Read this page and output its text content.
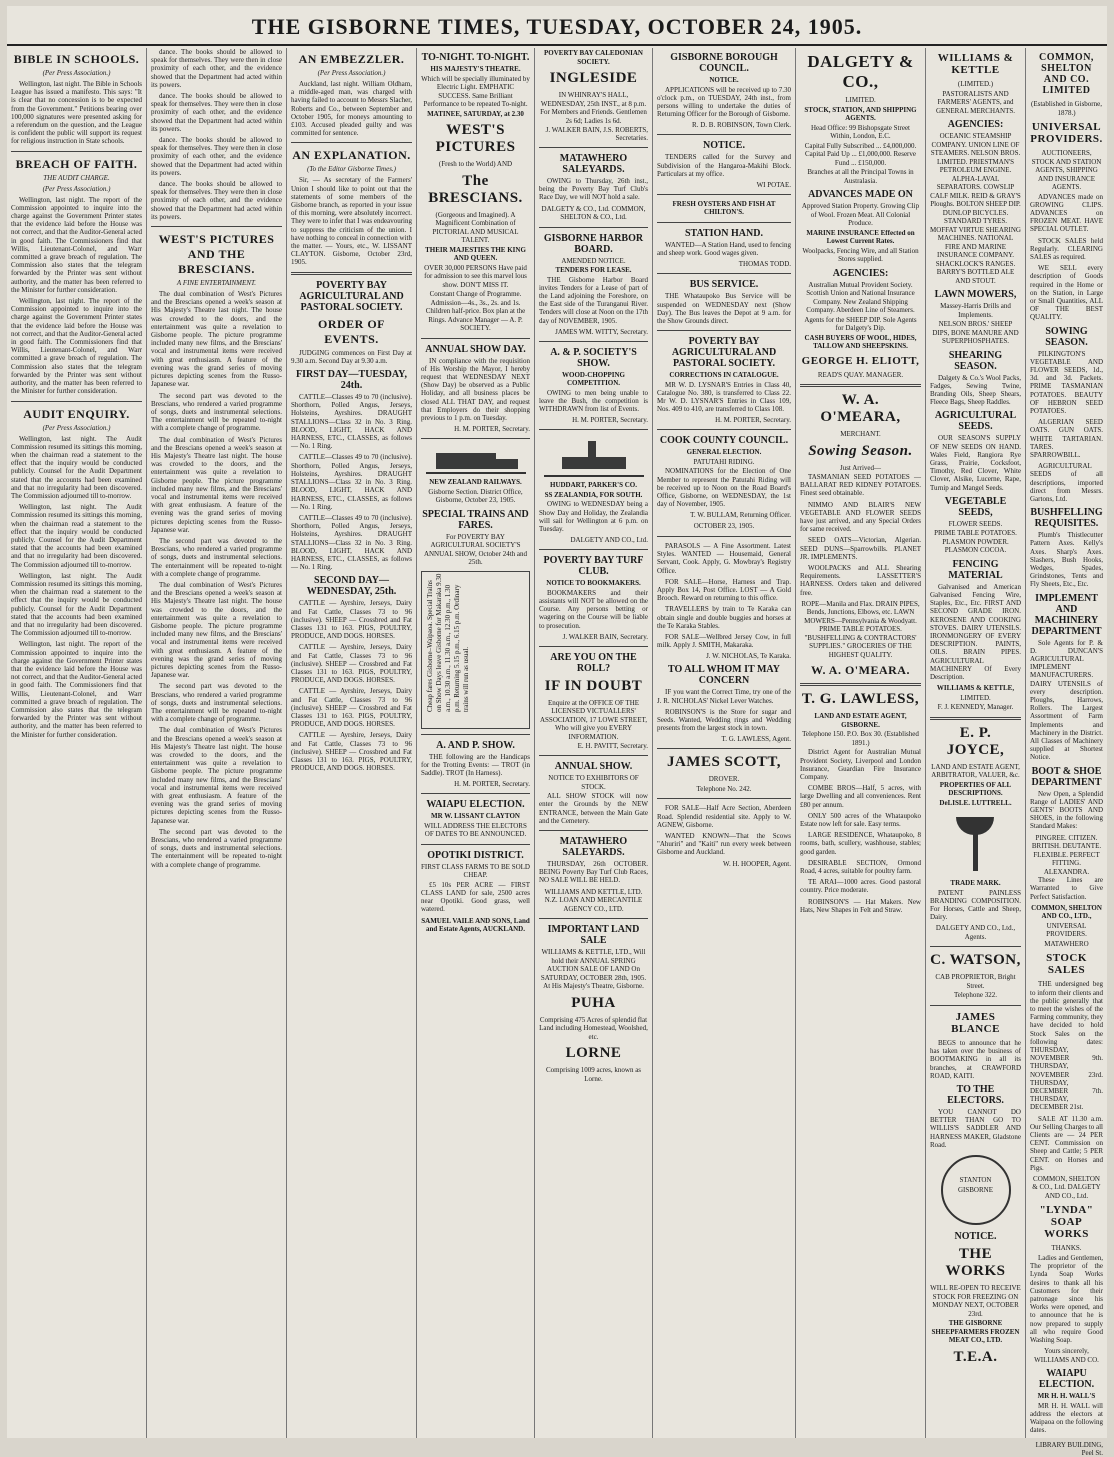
THE GISBORNE TIMES, TUESDAY, OCTOBER 24, 1905.
BIBLE IN SCHOOLS.
(Per Press Association.)

Wellington, last night. The Bible in Schools League has issued a manifesto. This says: "It is clear that no concession is to be expected from the Government." Petitions bearing over 100,000 signatures were presented asking for a referendum on the question, and the League is confident the public will support its request for religious instruction in State schools.

BREACH OF FAITH.
THE AUDIT CHARGE.
(Per Press Association.)

Wellington, last night. The report of the Commission appointed to inquire into the charge against the Government Printer states that the evidence laid before the House was not correct, and that the Auditor-General acted in good faith. The Commissioners find that Willis, Lieutenant-Colonel, and Warr committed a grave breach of regulation. The Commission also states that the telegram forwarded by the Printer was sent without authority, and the matter has been referred to the Minister for further consideration.

Wellington, last night. The report of the Commission appointed to inquire into the charge against the Government Printer states that the evidence laid before the House was not correct, and that the Auditor-General acted in good faith. The Commissioners find that Willis, Lieutenant-Colonel, and Warr committed a grave breach of regulation. The Commission also states that the telegram forwarded by the Printer was sent without authority, and the matter has been referred to the Minister for further consideration.

AUDIT ENQUIRY.
(Per Press Association.)

Wellington, last night. The Audit Commission resumed its sittings this morning, when the chairman read a statement to the effect that the inquiry would be conducted publicly. Counsel for the Audit Department stated that the accounts had been examined and that no irregularity had been discovered. The Commission adjourned till to-morrow.

Wellington, last night. The Audit Commission resumed its sittings this morning, when the chairman read a statement to the effect that the inquiry would be conducted publicly. Counsel for the Audit Department stated that the accounts had been examined and that no irregularity had been discovered. The Commission adjourned till to-morrow.

Wellington, last night. The Audit Commission resumed its sittings this morning, when the chairman read a statement to the effect that the inquiry would be conducted publicly. Counsel for the Audit Department stated that the accounts had been examined and that no irregularity had been discovered. The Commission adjourned till to-morrow.

Wellington, last night. The report of the Commission appointed to inquire into the charge against the Government Printer states that the evidence laid before the House was not correct, and that the Auditor-General acted in good faith. The Commissioners find that Willis, Lieutenant-Colonel, and Warr committed a grave breach of regulation. The Commission also states that the telegram forwarded by the Printer was sent without authority, and the matter has been referred to the Minister for further consideration.

dance. The books should be allowed to speak for themselves. They were then in close proximity of each other, and the evidence showed that the Department had acted within its powers.

dance. The books should be allowed to speak for themselves. They were then in close proximity of each other, and the evidence showed that the Department had acted within its powers.

dance. The books should be allowed to speak for themselves. They were then in close proximity of each other, and the evidence showed that the Department had acted within its powers.

dance. The books should be allowed to speak for themselves. They were then in close proximity of each other, and the evidence showed that the Department had acted within its powers.

WEST'S PICTURES AND THE BRESCIANS.
A FINE ENTERTAINMENT.

The dual combination of West's Pictures and the Brescians opened a week's season at His Majesty's Theatre last night. The house was crowded to the doors, and the entertainment was quite a revelation to Gisborne people. The picture programme included many new films, and the Brescians' vocal and instrumental items were received with great enthusiasm. A feature of the evening was the grand series of moving pictures depicting scenes from the Russo-Japanese war.

The second part was devoted to the Brescians, who rendered a varied programme of songs, duets and instrumental selections. The entertainment will be repeated to-night with a complete change of programme.

The dual combination of West's Pictures and the Brescians opened a week's season at His Majesty's Theatre last night. The house was crowded to the doors, and the entertainment was quite a revelation to Gisborne people. The picture programme included many new films, and the Brescians' vocal and instrumental items were received with great enthusiasm. A feature of the evening was the grand series of moving pictures depicting scenes from the Russo-Japanese war.

The second part was devoted to the Brescians, who rendered a varied programme of songs, duets and instrumental selections. The entertainment will be repeated to-night with a complete change of programme.

The dual combination of West's Pictures and the Brescians opened a week's season at His Majesty's Theatre last night. The house was crowded to the doors, and the entertainment was quite a revelation to Gisborne people. The picture programme included many new films, and the Brescians' vocal and instrumental items were received with great enthusiasm. A feature of the evening was the grand series of moving pictures depicting scenes from the Russo-Japanese war.

The second part was devoted to the Brescians, who rendered a varied programme of songs, duets and instrumental selections. The entertainment will be repeated to-night with a complete change of programme.

The dual combination of West's Pictures and the Brescians opened a week's season at His Majesty's Theatre last night. The house was crowded to the doors, and the entertainment was quite a revelation to Gisborne people. The picture programme included many new films, and the Brescians' vocal and instrumental items were received with great enthusiasm. A feature of the evening was the grand series of moving pictures depicting scenes from the Russo-Japanese war.

The second part was devoted to the Brescians, who rendered a varied programme of songs, duets and instrumental selections. The entertainment will be repeated to-night with a complete change of programme.

AN EMBEZZLER.
(Per Press Association.)

Auckland, last night. William Oldham, a middle-aged man, was charged with having failed to account to Messrs Slacher, Roberts and Co., between September and October 1905, for moneys amounting to £103. Accused pleaded guilty and was committed for sentence.

AN EXPLANATION.
(To the Editor Gisborne Times.)

Sir, — As secretary of the Farmers' Union I should like to point out that the statements of some members of the Gisborne branch, as reported in your issue of this morning, were absolutely incorrect. They were to infer that I was endeavouring to suppress the criticism of the union. I have nothing to conceal in connection with the matter. — Yours, etc., W. LISSANT CLAYTON. Gisborne, October 23rd, 1905.

POVERTY BAY AGRICULTURAL AND PASTORAL SOCIETY.
ORDER OF EVENTS.

JUDGING commences on First Day at 9.30 a.m. Second Day at 9.30 a.m.

FIRST DAY—TUESDAY, 24th.

CATTLE—Classes 49 to 70 (inclusive). Shorthorn, Polled Angus, Jerseys, Holsteins, Ayrshires. DRAUGHT STALLIONS—Class 32 in No. 3 Ring. BLOOD, LIGHT, HACK AND HARNESS, ETC., CLASSES, as follows — No. 1 Ring.

CATTLE—Classes 49 to 70 (inclusive). Shorthorn, Polled Angus, Jerseys, Holsteins, Ayrshires. DRAUGHT STALLIONS—Class 32 in No. 3 Ring. BLOOD, LIGHT, HACK AND HARNESS, ETC., CLASSES, as follows — No. 1 Ring.

CATTLE—Classes 49 to 70 (inclusive). Shorthorn, Polled Angus, Jerseys, Holsteins, Ayrshires. DRAUGHT STALLIONS—Class 32 in No. 3 Ring. BLOOD, LIGHT, HACK AND HARNESS, ETC., CLASSES, as follows — No. 1 Ring.

SECOND DAY—WEDNESDAY, 25th.

CATTLE — Ayrshire, Jerseys, Dairy and Fat Cattle, Classes 73 to 96 (inclusive). SHEEP — Crossbred and Fat Classes 131 to 163. PIGS, POULTRY, PRODUCE, AND DOGS. HORSES.

CATTLE — Ayrshire, Jerseys, Dairy and Fat Cattle, Classes 73 to 96 (inclusive). SHEEP — Crossbred and Fat Classes 131 to 163. PIGS, POULTRY, PRODUCE, AND DOGS. HORSES.

CATTLE — Ayrshire, Jerseys, Dairy and Fat Cattle, Classes 73 to 96 (inclusive). SHEEP — Crossbred and Fat Classes 131 to 163. PIGS, POULTRY, PRODUCE, AND DOGS. HORSES.

CATTLE — Ayrshire, Jerseys, Dairy and Fat Cattle, Classes 73 to 96 (inclusive). SHEEP — Crossbred and Fat Classes 131 to 163. PIGS, POULTRY, PRODUCE, AND DOGS. HORSES.

TO-NIGHT. TO-NIGHT.
HIS MAJESTY'S THEATRE.
Which will be specially illuminated by Electric Light. EMPHATIC SUCCESS. Same Brilliant Performance to be repeated To-night.
MATINEE, SATURDAY, at 2.30
WEST'S PICTURES
(Fresh to the World) AND
The BRESCIANS.
(Gorgeous and Imagined). A Magnificent Combination of PICTORIAL AND MUSICAL TALENT.
THEIR MAJESTIES THE KING AND QUEEN.
OVER 30,000 PERSONS Have paid for admission to see this marvel lous show. DON'T MISS IT.
Constant Change of Programme. Admission—4s., 3s., 2s. and 1s. Children half-price. Box plan at the Rings. Advance Manager — A. P. SOCIETY.
ANNUAL SHOW DAY.

IN compliance with the requisition of His Worship the Mayor, I hereby request that WEDNESDAY NEXT (Show Day) be observed as a Public Holiday, and all business places be closed ALL THAT DAY, and request that Employers do their shopping previous to 1 p.m. on Tuesday.

H. M. PORTER, Secretary.
NEW ZEALAND RAILWAYS.
Gisborne Section. District Office, Gisborne, October 23, 1905.
SPECIAL TRAINS AND FARES.
For POVERTY BAY AGRICULTURAL SOCIETY'S ANNUAL SHOW, October 24th and 25th.
Cheap fares Gisborne–Waipaoa. Special Trains on Show Days leave Gisborne for Makaraka 9.30 a.m., 10.30 a.m., 11.30 a.m., 12.30 p.m., 1.30 p.m. Returning 5.15 p.m., 6.15 p.m. Ordinary trains will run as usual.
A. AND P. SHOW.

THE following are the Handicaps for the Trotting Events: — TROT (in Saddle). TROT (In Harness).

H. M. PORTER, Secretary.
WAIAPU ELECTION.
MR W. LISSANT CLAYTON
WILL ADDRESS THE ELECTORS OF DATES TO BE ANNOUNCED.
OPOTIKI DISTRICT.
FIRST CLASS FARMS TO BE SOLD CHEAP.

£5 10s PER ACRE — FIRST CLASS LAND for sale, 2500 acres near Opotiki. Good grass, well watered.

SAMUEL VAILE AND SONS, Land and Estate Agents, AUCKLAND.
POVERTY BAY CALEDONIAN SOCIETY.
INGLESIDE
IN WHINRAY'S HALL, WEDNESDAY, 25th INST., at 8 p.m. For Members and Friends. Gentlemen 2s 6d; Ladies 1s 6d.
J. WALKER BAIN, J.S. ROBERTS, Secretaries.
MATAWHERO SALEYARDS.

OWING to Thursday, 26th inst., being the Poverty Bay Turf Club's Race Day, we will NOT hold a sale.

DALGETY & CO., Ltd. COMMON, SHELTON & CO., Ltd.
GISBORNE HARBOR BOARD.
AMENDED NOTICE.
TENDERS FOR LEASE.

THE Gisborne Harbor Board invites Tenders for a Lease of part of the Land adjoining the Foreshore, on the East side of the Turanganui River. Tenders will close at Noon on the 17th day of NOVEMBER, 1905.

JAMES WM. WITTY, Secretary.
A. & P. SOCIETY'S SHOW.
WOOD-CHOPPING COMPETITION.

OWING to men being unable to leave the Bush, the competition is WITHDRAWN from list of Events.

H. M. PORTER, Secretary.
HUDDART, PARKER'S CO.
SS ZEALANDIA, FOR SOUTH.

OWING to WEDNESDAY being a Show Day and Holiday, the Zealandia will sail for Wellington at 6 p.m. on Tuesday.

DALGETY AND CO., Ltd.
POVERTY BAY TURF CLUB.
NOTICE TO BOOKMAKERS.

BOOKMAKERS and their assistants will NOT be allowed on the Course. Any persons betting or wagering on the Course will be liable to prosecution.

J. WALKER BAIN, Secretary.
ARE YOU ON THE ROLL?
IF IN DOUBT
Enquire at the OFFICE OF THE LICENSED VICTUALLERS' ASSOCIATION, 17 LOWE STREET, Who will give you EVERY INFORMATION.
E. H. PAVITT, Secretary.
ANNUAL SHOW.
NOTICE TO EXHIBITORS OF STOCK.

ALL SHOW STOCK will now enter the Grounds by the NEW ENTRANCE, between the Main Gate and the Cemetery.

MATAWHERO SALEYARDS.

THURSDAY, 26th OCTOBER. BEING Poverty Bay Turf Club Races, NO SALE WILL BE HELD.

WILLIAMS AND KETTLE, LTD. N.Z. LOAN AND MERCANTILE AGENCY CO., LTD.
IMPORTANT LAND SALE
WILLIAMS & KETTLE, LTD., Will hold their ANNUAL SPRING AUCTION SALE OF LAND On SATURDAY, OCTOBER 28th, 1905. At His Majesty's Theatre, Gisborne.
PUHA
Comprising 475 Acres of splendid flat Land including Homestead, Woolshed, etc.
LORNE
Comprising 1009 acres, known as Lorne.
GISBORNE BOROUGH COUNCIL.
NOTICE.

APPLICATIONS will be received up to 7.30 o'clock p.m., on TUESDAY, 24th inst., from persons willing to undertake the duties of Returning Officer for the Borough of Gisborne.

R. D. B. ROBINSON, Town Clerk.
NOTICE.

TENDERS called for the Survey and Subdivision of the Hangaroa-Makihi Block. Particulars at my office.

WI POTAE.
FRESH OYSTERS AND FISH AT CHILTON'S.
STATION HAND.

WANTED—A Station Hand, used to fencing and sheep work. Good wages given.

THOMAS TODD.
BUS SERVICE.

THE Whataupoko Bus Service will be suspended on WEDNESDAY next (Show Day). The Bus leaves the Depot at 9 a.m. for the Show Grounds direct.

POVERTY BAY AGRICULTURAL AND PASTORAL SOCIETY.
CORRECTIONS IN CATALOGUE.

MR W. D. LYSNAR'S Entries in Class 40, Catalogue No. 380, is transferred to Class 22. Mr W. D. LYSNAR'S Entries in Class 109, Nos. 409 to 410, are transferred to Class 108.

H. M. PORTER, Secretary.
COOK COUNTY COUNCIL.
GENERAL ELECTION.
PATUTAHI RIDING.

NOMINATIONS for the Election of One Member to represent the Patutahi Riding will be received up to Noon on the Road Board's Office, Gisborne, on WEDNESDAY, the 1st day of November, 1905.

T. W. BULLAM, Returning Officer.
OCTOBER 23, 1905.

PARASOLS — A Fine Assortment. Latest Styles. WANTED — Housemaid, General Servant, Cook. Apply, G. Mowbray's Registry Office.

FOR SALE—Horse, Harness and Trap. Apply Box 14, Post Office. LOST — A Gold Brooch. Reward on returning to this office.

TRAVELLERS by train to Te Karaka can obtain single and double buggies and horses at the Te Karaka Stables.

FOR SALE—Wellbred Jersey Cow, in full milk. Apply J. SMITH, Makaraka.

J. W. NICHOLAS, Te Karaka.
TO ALL WHOM IT MAY CONCERN

IF you want the Correct Time, try one of the J. R. NICHOLAS' Nickel Lever Watches.

ROBINSON'S is the Store for sugar and Seeds. Wanted, Wedding rings and Wedding presents from the largest stock in town.

T. G. LAWLESS, Agent.
JAMES SCOTT,
DROVER.
Telephone No. 242.

FOR SALE—Half Acre Section, Aberdeen Road. Splendid residential site. Apply to W. AGNEW, Gisborne.

WANTED KNOWN—That the Scows "Ahuriri" and "Kaiti" run every week between Gisborne and Auckland.

W. H. HOOPER, Agent.
DALGETY & CO.,
LIMITED.
STOCK, STATION, AND SHIPPING AGENTS.
Head Office: 99 Bishopsgate Street Within, London, E.C.
Capital Fully Subscribed ... £4,000,000. Capital Paid Up ... £1,000,000. Reserve Fund ... £150,000.
Branches at all the Principal Towns in Australasia.
ADVANCES MADE ON
Approved Station Property. Growing Clip of Wool. Frozen Meat. All Colonial Produce.
MARINE INSURANCE Effected on Lowest Current Rates.
Woolpacks, Fencing Wire, and all Station Stores supplied.
AGENCIES:
Australian Mutual Provident Society. Scottish Union and National Insurance Company. New Zealand Shipping Company. Aberdeen Line of Steamers.
Agents for the SHEEP DIP. Sole Agents for Dalgety's Dip.
CASH BUYERS OF WOOL, HIDES, TALLOW AND SHEEPSKINS.
GEORGE H. ELIOTT,
READ'S QUAY. MANAGER.
W. A. O'MEARA,
MERCHANT.
Sowing Season.
Just Arrived—

TASMANIAN SEED POTATOES — BALLARAT RED KIDNEY POTATOES. Finest seed obtainable.

NIMMO AND BLAIR'S NEW VEGETABLE AND FLOWER SEEDS have just arrived, and any Special Orders for same received.

SEED OATS—Victorian, Algerian. SEED DUNS—Sparrowbills. PLANET JR. IMPLEMENTS.

WOOLPACKS and ALL Shearing Requirements. LASSETTER'S HARNESS. Orders taken and delivered free.

ROPE—Manila and Flax. DRAIN PIPES, Bends, Junctions, Elbows, etc. LAWN MOWERS—Pennsylvania & Woodyatt. PRIME TABLE POTATOES. "BUSHFELLING & CONTRACTORS' SUPPLIES." GROCERIES OF THE HIGHEST QUALITY.
W. A. O'MEARA.
T. G. LAWLESS,
LAND AND ESTATE AGENT, GISBORNE.
Telephone 150. P.O. Box 30. (Established 1891.)

District Agent for Australian Mutual Provident Society, Liverpool and London Insurance, Guardian Fire Insurance Company.

COMBE BROS—Half, 5 acres, with large Dwelling and all conveniences. Rent £80 per annum.

ONLY 500 acres of the Whataupoko Estate now left for sale. Easy terms.

LARGE RESIDENCE, Whataupoko, 8 rooms, bath, scullery, washhouse, stables; good garden.

DESIRABLE SECTION, Ormond Road, 4 acres, suitable for poultry farm.

TE ARAI—1000 acres. Good pastoral country. Price moderate.

ROBINSON'S — Hat Makers. New Hats, New Shapes in Felt and Straw.

WILLIAMS & KETTLE
(LIMITED.)
PASTORALISTS AND FARMERS' AGENTS, and GENERAL MERCHANTS.
AGENCIES:
OCEANIC STEAMSHIP COMPANY. UNION LINE OF STEAMERS. NELSON BROS. LIMITED. PRIESTMAN'S PETROLEUM ENGINE. ALPHA-LAVAL SEPARATORS. COWSLIP CALF MILK. REID & GRAY'S Ploughs. BOLTON SHEEP DIP. DUNLOP BICYCLES. STANDARD TYRES. MOFFAT VIRTUE SHEARING MACHINES. NATIONAL FIRE AND MARINE INSURANCE COMPANY. SHACKLOCK'S RANGES. BARRY'S BOTTLED ALE AND STOUT.
LAWN MOWERS,
Massey-Harris Drills and Implements.
NELSON BROS.' SHEEP DIPS, BONE MANURE AND SUPERPHOSPHATES.
SHEARING SEASON.

Dalgety & Co.'s Wool Packs, Fadges, Sewing Twine, Branding Oils, Sheep Shears, Fleece Bags, Sheep Raddles.

AGRICULTURAL SEEDS.

OUR SEASON'S SUPPLY OF NEW SEEDS ON HAND. Wales Field, Rangiora Rye Grass, Prairie, Cocksfoot, Timothy, Red Clover, White Clover, Alsike, Lucerne, Rape, Turnip and Mangel Seeds.

VEGETABLE SEEDS,
FLOWER SEEDS.
PRIME TABLE POTATOES. PLASMON POWDER. PLASMON COCOA.
FENCING MATERIAL

Galvanised and American Galvanised Fencing Wire, Staples, Etc., Etc. FIRST AND SECOND GRADE IRON. KEROSENE AND COOKING STOVES. DAIRY UTENSILS. IRONMONGERY OF EVERY DESCRIPTION. PAINTS, OILS. BRAIN PIPES. AGRICULTURAL MACHINERY Of Every Description.

WILLIAMS & KETTLE,
LIMITED.
F. J. KENNEDY, Manager.
E. P. JOYCE,
LAND AND ESTATE AGENT, ARBITRATOR, VALUER, &c.
PROPERTIES OF ALL DESCRIPTIONS.
DeLISLE. LUTTRELL.
TRADE MARK.

PATENT PAINLESS BRANDING COMPOSITION. For Horses, Cattle and Sheep, Dairy.

DALGETY AND CO., Ltd., Agents.
C. WATSON,
CAB PROPRIETOR, Bright Street.
Telephone 322.
JAMES BLANCE

BEGS to announce that he has taken over the business of BOOTMAKING in all its branches, at CRAWFORD ROAD, KAITI.

TO THE ELECTORS.

YOU CANNOT DO BETTER THAN GO TO WILLIS'S SADDLER AND HARNESS MAKER, Gladstone Road.

STANTON GISBORNE
NOTICE.
THE WORKS
WILL RE-OPEN TO RECEIVE STOCK FOR FREEZING ON MONDAY NEXT, OCTOBER 23rd.
THE GISBORNE SHEEPFARMERS FROZEN MEAT CO., LTD.
T.E.A.
COMMON, SHELTON AND CO. LIMITED
(Established in Gisborne, 1878.)
UNIVERSAL PROVIDERS.
AUCTIONEERS, STOCK AND STATION AGENTS, SHIPPING AND INSURANCE AGENTS.

ADVANCES made on GROWING CLIPS. ADVANCES on FROZEN MEAT. HAVE SPECIAL OUTLET.

STOCK SALES held Regularly. CLEARING SALES as required.

WE SELL every description of Goods required in the Home or on the Station, in Large or Small Quantities, ALL OF THE BEST QUALITY.

SOWING SEASON.

PILKINGTON'S VEGETABLE AND FLOWER SEEDS, 1d., 3d. and 3d. Packets. PRIME TASMANIAN POTATOES. BEAUTY OF HEBRON SEED POTATOES.

ALGERIAN SEED OATS. GUN OATS. WHITE TARTARIAN. TARES. SPARROWBILL.

AGRICULTURAL SEEDS of all descriptions, imported direct from Messrs. Gartons, Ltd.

BUSHFELLING REQUISITES.

Plumb's Thistlecutter Pattern Axes. Kelly's Axes. Sharp's Axes. Slashers, Bush Hooks, Wedges, Spades, Grindstones, Tents and Fly Sheets, Etc., Etc.

IMPLEMENT AND MACHINERY DEPARTMENT

Sole Agents for P. & D. DUNCAN'S AGRICULTURAL IMPLEMENT MANUFACTURERS. DAIRY UTENSILS of every description. Ploughs, Harrows, Rollers. The Largest Assortment of Farm Implements and Machinery in the District. All Classes of Machinery supplied at Shortest Notice.

BOOT & SHOE DEPARTMENT

New Open, a Splendid Range of LADIES' AND GENTS' BOOTS AND SHOES, in the following Standard Makes:

PINGREE. CITIZEN. BRITISH. DEUTANTE. FLEXIBLE. PERFECT FITTING. ALEXANDRA.

These Lines are Warranted to Give Perfect Satisfaction.

COMMON, SHELTON AND CO., LTD.,
UNIVERSAL PROVIDERS.
MATAWHERO
STOCK SALES

THE undersigned beg to inform their clients and the public generally that to meet the wishes of the Farming community, they have decided to hold Stock Sales on the following dates: THURSDAY, NOVEMBER 9th. THURSDAY, NOVEMBER 23rd. THURSDAY, DECEMBER 7th. THURSDAY, DECEMBER 21st.

SALE AT 11.30 a.m. Our Selling Charges to all Clients are — 24 PER CENT. Commission on Sheep and Cattle; 5 PER CENT. on Horses and Pigs.

COMMON, SHELTON & CO., Ltd. DALGETY AND CO., Ltd.
"LYNDA" SOAP WORKS
THANKS.

Ladies and Gentlemen, The proprietor of the Lynda Soap Works desires to thank all his Customers for their patronage since his Works were opened, and to announce that he is now prepared to supply all who require Good Washing Soap.

Yours sincerely, WILLIAMS AND CO.
WAIAPU ELECTION.
MR H. H. WALL'S

MR H. H. WALL will address the electors at Waipaoa on the following dates.

LIBRARY BUILDING, Peel St.
